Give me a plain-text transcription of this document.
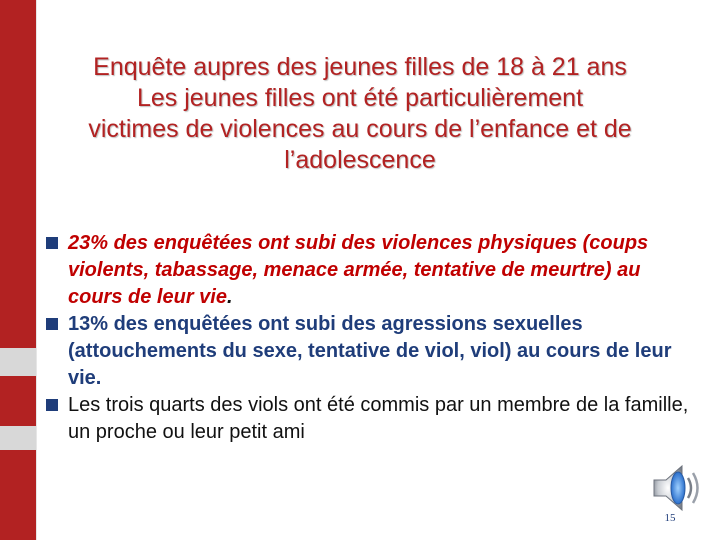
Enquête aupres des jeunes filles de 18 à 21 ans
Les jeunes filles ont été particulièrement
victimes de violences au cours de l’enfance et de
l’adolescence
23% des enquêtées ont subi des violences physiques (coups violents, tabassage, menace armée, tentative de meurtre) au cours de leur vie.
13% des enquêtées ont subi des agressions sexuelles (attouchements du sexe, tentative de viol, viol) au cours de leur vie.
Les trois quarts des viols ont été commis par un membre de la famille, un proche ou leur petit ami
15
